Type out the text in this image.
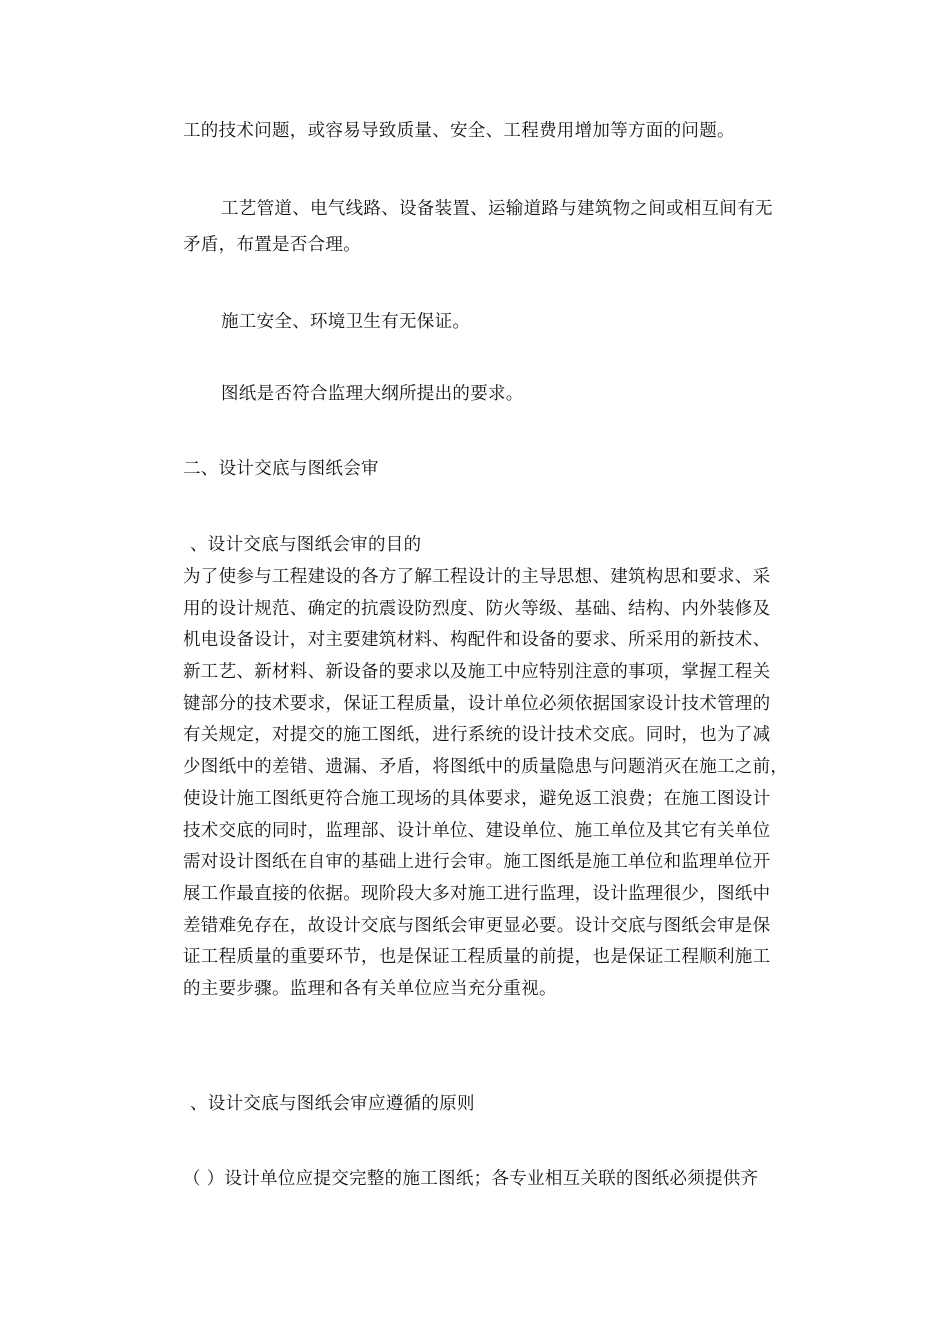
工的技术问题，或容易导致质量、安全、工程费用增加等方面的问题。
工艺管道、电气线路、设备装置、运输道路与建筑物之间或相互间有无
矛盾，布置是否合理。
施工安全、环境卫生有无保证。
图纸是否符合监理大纲所提出的要求。
二、设计交底与图纸会审
、设计交底与图纸会审的目的
为了使参与工程建设的各方了解工程设计的主导思想、建筑构思和要求、采
用的设计规范、确定的抗震设防烈度、防火等级、基础、结构、内外装修及
机电设备设计，对主要建筑材料、构配件和设备的要求、所采用的新技术、
新工艺、新材料、新设备的要求以及施工中应特别注意的事项，掌握工程关
键部分的技术要求，保证工程质量，设计单位必须依据国家设计技术管理的
有关规定，对提交的施工图纸，进行系统的设计技术交底。同时，也为了减
少图纸中的差错、遗漏、矛盾，将图纸中的质量隐患与问题消灭在施工之前，
使设计施工图纸更符合施工现场的具体要求，避免返工浪费；在施工图设计
技术交底的同时，监理部、设计单位、建设单位、施工单位及其它有关单位
需对设计图纸在自审的基础上进行会审。施工图纸是施工单位和监理单位开
展工作最直接的依据。现阶段大多对施工进行监理，设计监理很少，图纸中
差错难免存在，故设计交底与图纸会审更显必要。设计交底与图纸会审是保
证工程质量的重要环节，也是保证工程质量的前提，也是保证工程顺利施工
的主要步骤。监理和各有关单位应当充分重视。
、设计交底与图纸会审应遵循的原则
（ ）设计单位应提交完整的施工图纸；各专业相互关联的图纸必须提供齐
